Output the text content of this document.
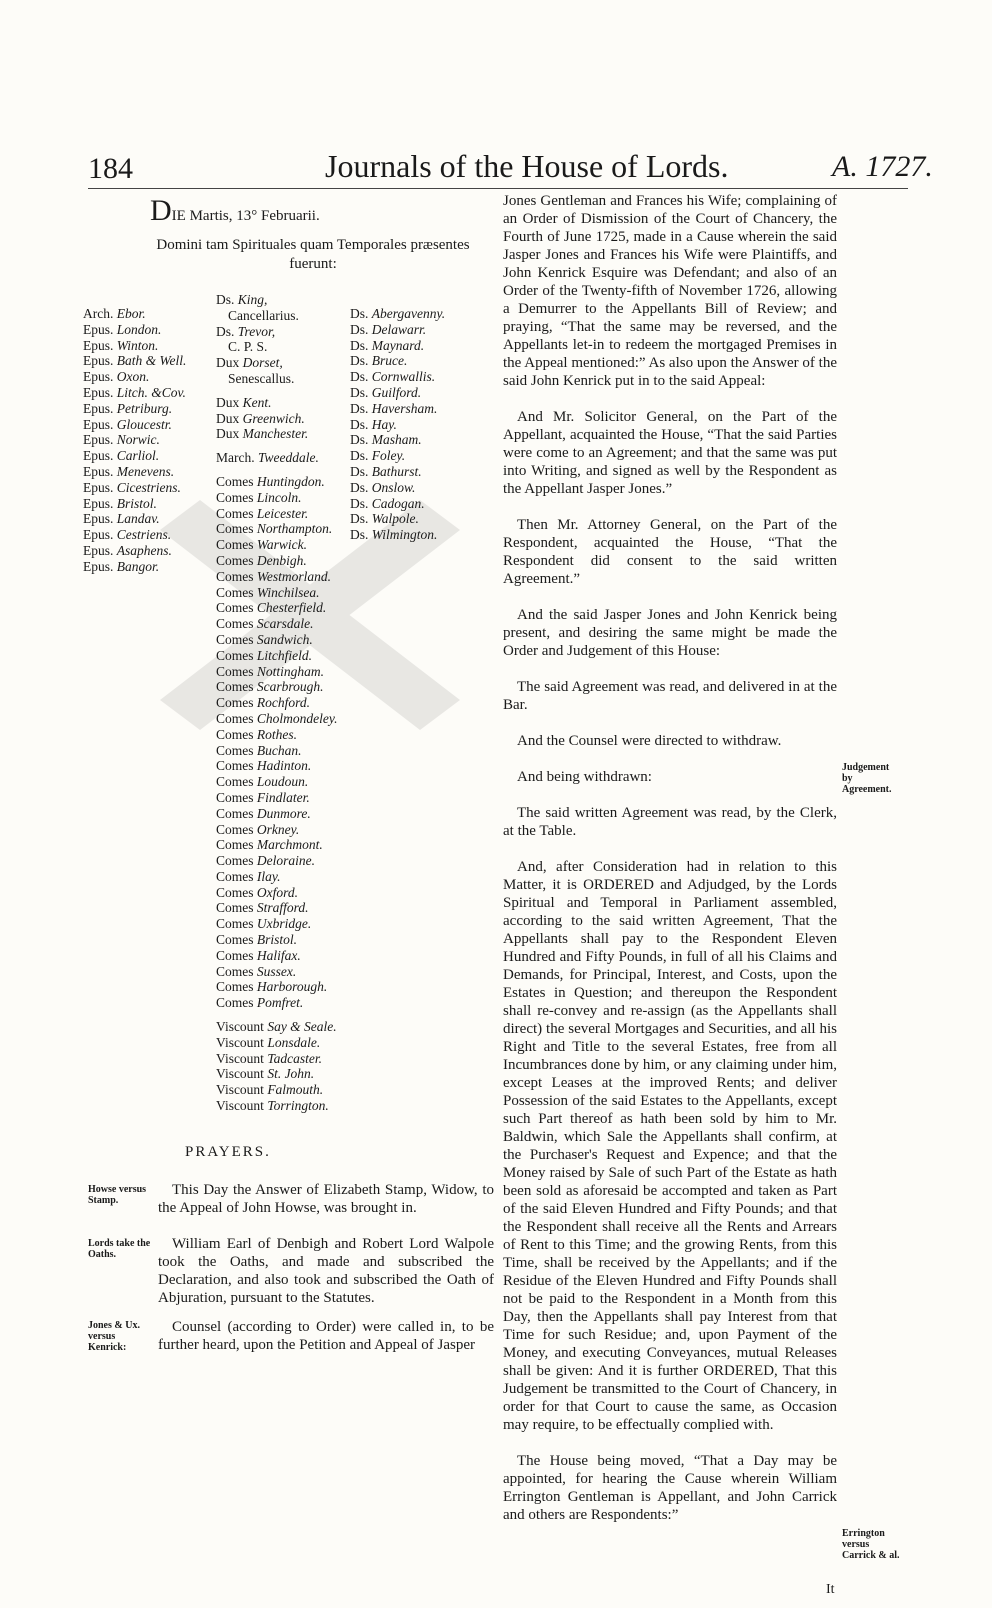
184	Journals of the House of Lords.	A. 1727.
DIE Martis, 13° Februarii.
Domini tam Spirituales quam Temporales præsentes fuerunt:
Arch. Ebor.
Epus. London.
Epus. Winton.
Epus. Bath & Well.
Epus. Oxon.
Epus. Litch. &Cov.
Epus. Petriburg.
Epus. Gloucestr.
Epus. Norwic.
Epus. Carliol.
Epus. Menevens.
Epus. Cicestriens.
Epus. Bristol.
Epus. Landav.
Epus. Cestriens.
Epus. Asaphens.
Epus. Bangor.
Ds. King,
Cancellarius.
Ds. Trevor,
C. P. S.
Dux Dorset,
Senescallus.
Dux Kent.
Dux Greenwich.
Dux Manchester.
March. Tweeddale.
Comes Huntingdon.
Comes Lincoln.
Comes Leicester.
Comes Northampton.
Comes Warwick.
Comes Denbigh.
Comes Westmorland.
Comes Winchilsea.
Comes Chesterfield.
Comes Scarsdale.
Comes Sandwich.
Comes Litchfield.
Comes Nottingham.
Comes Scarbrough.
Comes Rochford.
Comes Cholmondeley.
Comes Rothes.
Comes Buchan.
Comes Hadinton.
Comes Loudoun.
Comes Findlater.
Comes Dunmore.
Comes Orkney.
Comes Marchmont.
Comes Deloraine.
Comes Ilay.
Comes Oxford.
Comes Strafford.
Comes Uxbridge.
Comes Bristol.
Comes Halifax.
Comes Sussex.
Comes Harborough.
Comes Pomfret.
Viscount Say & Seale.
Viscount Lonsdale.
Viscount Tadcaster.
Viscount St. John.
Viscount Falmouth.
Viscount Torrington.
Ds. Abergavenny.
Ds. Delawarr.
Ds. Maynard.
Ds. Bruce.
Ds. Cornwallis.
Ds. Guilford.
Ds. Haversham.
Ds. Hay.
Ds. Masham.
Ds. Foley.
Ds. Bathurst.
Ds. Onslow.
Ds. Cadogan.
Ds. Walpole.
Ds. Wilmington.
PRAYERS.
Howse versus Stamp.
This Day the Answer of Elizabeth Stamp, Widow, to the Appeal of John Howse, was brought in.
Lords take the Oaths.
William Earl of Denbigh and Robert Lord Walpole took the Oaths, and made and subscribed the Declaration, and also took and subscribed the Oath of Abjuration, pursuant to the Statutes.
Jones & Ux. versus Kenrick:
Counsel (according to Order) were called in, to be further heard, upon the Petition and Appeal of Jasper

Jones Gentleman and Frances his Wife; complaining of an Order of Dismission of the Court of Chancery, the Fourth of June 1725, made in a Cause wherein the said Jasper Jones and Frances his Wife were Plaintiffs, and John Kenrick Esquire was Defendant; and also of an Order of the Twenty-fifth of November 1726, allowing a Demurrer to the Appellants Bill of Review; and praying, “That the same may be reversed, and the Appellants let-in to redeem the mortgaged Premises in the Appeal mentioned:” As also upon the Answer of the said John Kenrick put in to the said Appeal:

And Mr. Solicitor General, on the Part of the Appellant, acquainted the House, “That the said Parties were come to an Agreement; and that the same was put into Writing, and signed as well by the Respondent as the Appellant Jasper Jones.”

Then Mr. Attorney General, on the Part of the Respondent, acquainted the House, “That the Respondent did consent to the said written Agreement.”

And the said Jasper Jones and John Kenrick being present, and desiring the same might be made the Order and Judgement of this House:

The said Agreement was read, and delivered in at the Bar.

And the Counsel were directed to withdraw.

And being withdrawn:

The said written Agreement was read, by the Clerk, at the Table.

And, after Consideration had in relation to this Matter, it is ORDERED and Adjudged, by the Lords Spiritual and Temporal in Parliament assembled, according to the said written Agreement, That the Appellants shall pay to the Respondent Eleven Hundred and Fifty Pounds, in full of all his Claims and Demands, for Principal, Interest, and Costs, upon the Estates in Question; and thereupon the Respondent shall re-convey and re-assign (as the Appellants shall direct) the several Mortgages and Securities, and all his Right and Title to the several Estates, free from all Incumbrances done by him, or any claiming under him, except Leases at the improved Rents; and deliver Possession of the said Estates to the Appellants, except such Part thereof as hath been sold by him to Mr. Baldwin, which Sale the Appellants shall confirm, at the Purchaser's Request and Expence; and that the Money raised by Sale of such Part of the Estate as hath been sold as aforesaid be accompted and taken as Part of the said Eleven Hundred and Fifty Pounds; and that the Respondent shall receive all the Rents and Arrears of Rent to this Time; and the growing Rents, from this Time, shall be received by the Appellants; and if the Residue of the Eleven Hundred and Fifty Pounds shall not be paid to the Respondent in a Month from this Day, then the Appellants shall pay Interest from that Time for such Residue; and, upon Payment of the Money, and executing Conveyances, mutual Releases shall be given: And it is further ORDERED, That this Judgement be transmitted to the Court of Chancery, in order for that Court to cause the same, as Occasion may require, to be effectually complied with.

The House being moved, “That a Day may be appointed, for hearing the Cause wherein William Errington Gentleman is Appellant, and John Carrick and others are Respondents:”

Judgement by Agreement.
Errington versus Carrick & al.
It
